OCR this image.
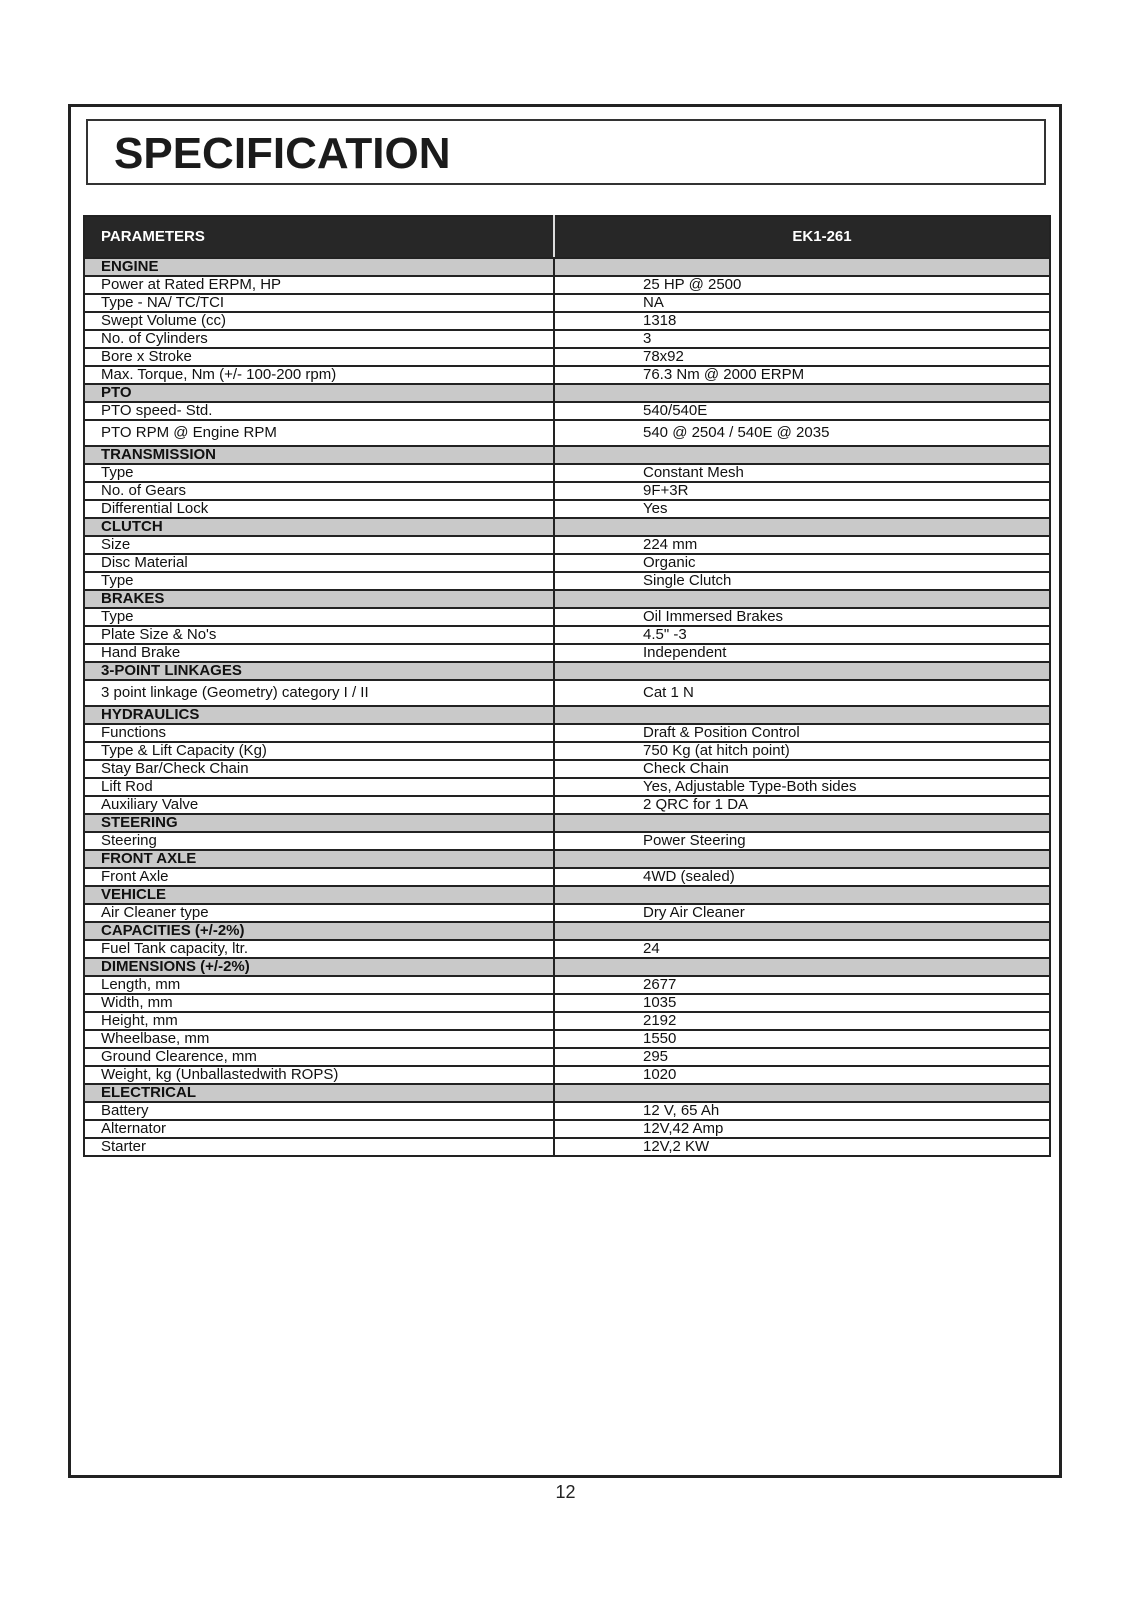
SPECIFICATION
PARAMETERS	EK1-261
ENGINE	
Power at Rated ERPM, HP	25 HP @ 2500
Type - NA/ TC/TCI	NA
Swept Volume (cc)	1318
No. of Cylinders	3
Bore x Stroke	78x92
Max. Torque, Nm (+/- 100-200 rpm)	76.3 Nm @ 2000 ERPM
PTO	
PTO speed- Std.	540/540E
PTO RPM @ Engine RPM	540 @ 2504 / 540E @ 2035
TRANSMISSION	
Type	Constant Mesh
No. of Gears	9F+3R
Differential Lock	Yes
CLUTCH	
Size	224 mm
Disc Material	Organic
Type	Single Clutch
BRAKES	
Type	Oil Immersed Brakes
Plate Size & No's	4.5" -3
Hand Brake	Independent
3-POINT LINKAGES	
3 point linkage (Geometry) category I / II	Cat 1 N
HYDRAULICS	
Functions	Draft & Position Control
Type & Lift Capacity (Kg)	750 Kg (at hitch point)
Stay Bar/Check Chain	Check Chain
Lift Rod	Yes, Adjustable Type-Both sides
Auxiliary Valve	2 QRC for 1 DA
STEERING	
Steering	Power Steering
FRONT AXLE	
Front Axle	4WD (sealed)
VEHICLE	
Air Cleaner type	Dry Air Cleaner
CAPACITIES (+/-2%)	
Fuel Tank capacity, ltr.	24
DIMENSIONS (+/-2%)	
Length, mm	2677
Width, mm	1035
Height, mm	2192
Wheelbase, mm	1550
Ground Clearence, mm	295
Weight, kg (Unballastedwith ROPS)	1020
ELECTRICAL	
Battery	12 V, 65 Ah
Alternator	12V,42 Amp
Starter	12V,2 KW
12
